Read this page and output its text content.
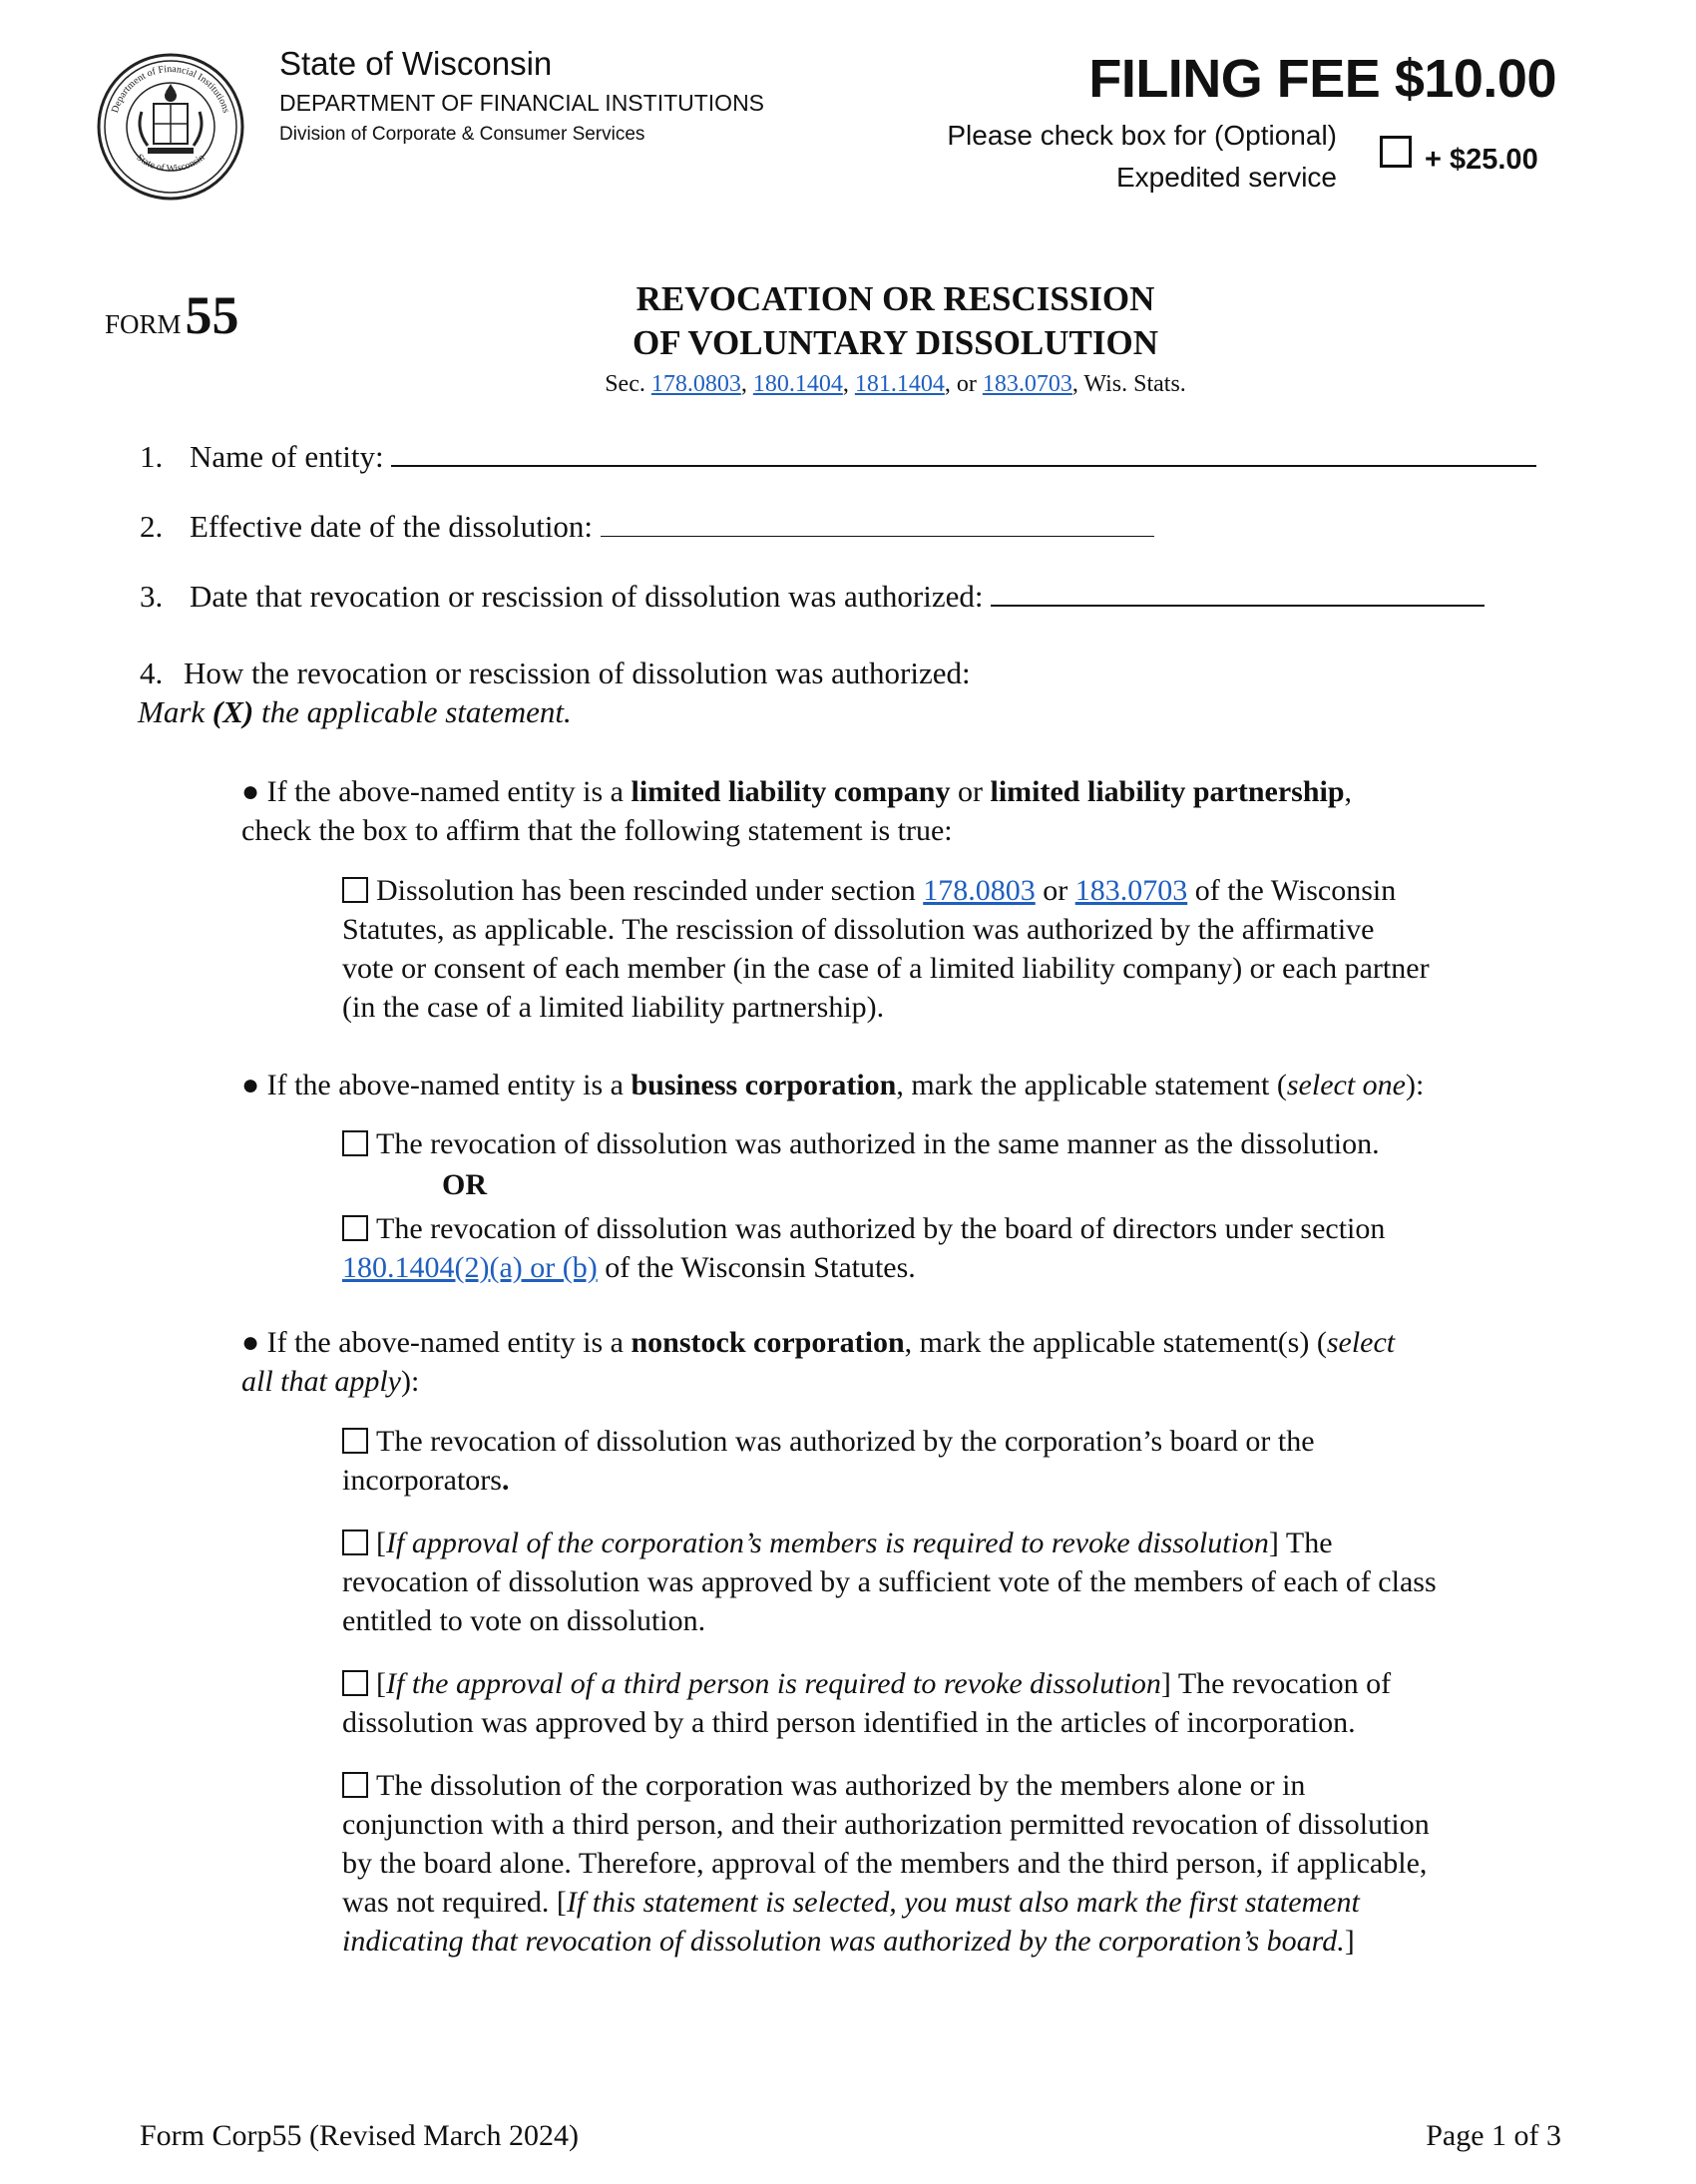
Department of Financial Institutions
State of Wisconsin
State of Wisconsin
DEPARTMENT OF FINANCIAL INSTITUTIONS
Division of Corporate & Consumer Services
FILING FEE $10.00
Please check box for (Optional)
Expedited service
+ $25.00
FORM 55	REVOCATION OR RESCISSION
OF VOLUNTARY DISSOLUTION
Sec. 178.0803, 180.1404, 181.1404, or 183.0703, Wis. Stats.
1. Name of entity:
2. Effective date of the dissolution:
3. Date that revocation or rescission of dissolution was authorized:
4. How the revocation or rescission of dissolution was authorized:
Mark (X) the applicable statement.
● If the above-named entity is a limited liability company or limited liability partnership,
check the box to affirm that the following statement is true:
Dissolution has been rescinded under section 178.0803 or 183.0703 of the Wisconsin
Statutes, as applicable. The rescission of dissolution was authorized by the affirmative
vote or consent of each member (in the case of a limited liability company) or each partner
(in the case of a limited liability partnership).
● If the above-named entity is a business corporation, mark the applicable statement (select one):
The revocation of dissolution was authorized in the same manner as the dissolution.
OR
The revocation of dissolution was authorized by the board of directors under section
180.1404(2)(a) or (b) of the Wisconsin Statutes.
● If the above-named entity is a nonstock corporation, mark the applicable statement(s) (select
all that apply):
The revocation of dissolution was authorized by the corporation’s board or the
incorporators.
[If approval of the corporation’s members is required to revoke dissolution] The
revocation of dissolution was approved by a sufficient vote of the members of each of class
entitled to vote on dissolution.
[If the approval of a third person is required to revoke dissolution] The revocation of
dissolution was approved by a third person identified in the articles of incorporation.
The dissolution of the corporation was authorized by the members alone or in
conjunction with a third person, and their authorization permitted revocation of dissolution
by the board alone. Therefore, approval of the members and the third person, if applicable,
was not required. [If this statement is selected, you must also mark the first statement
indicating that revocation of dissolution was authorized by the corporation’s board.]
Form Corp55 (Revised March 2024)	Page 1 of 3
